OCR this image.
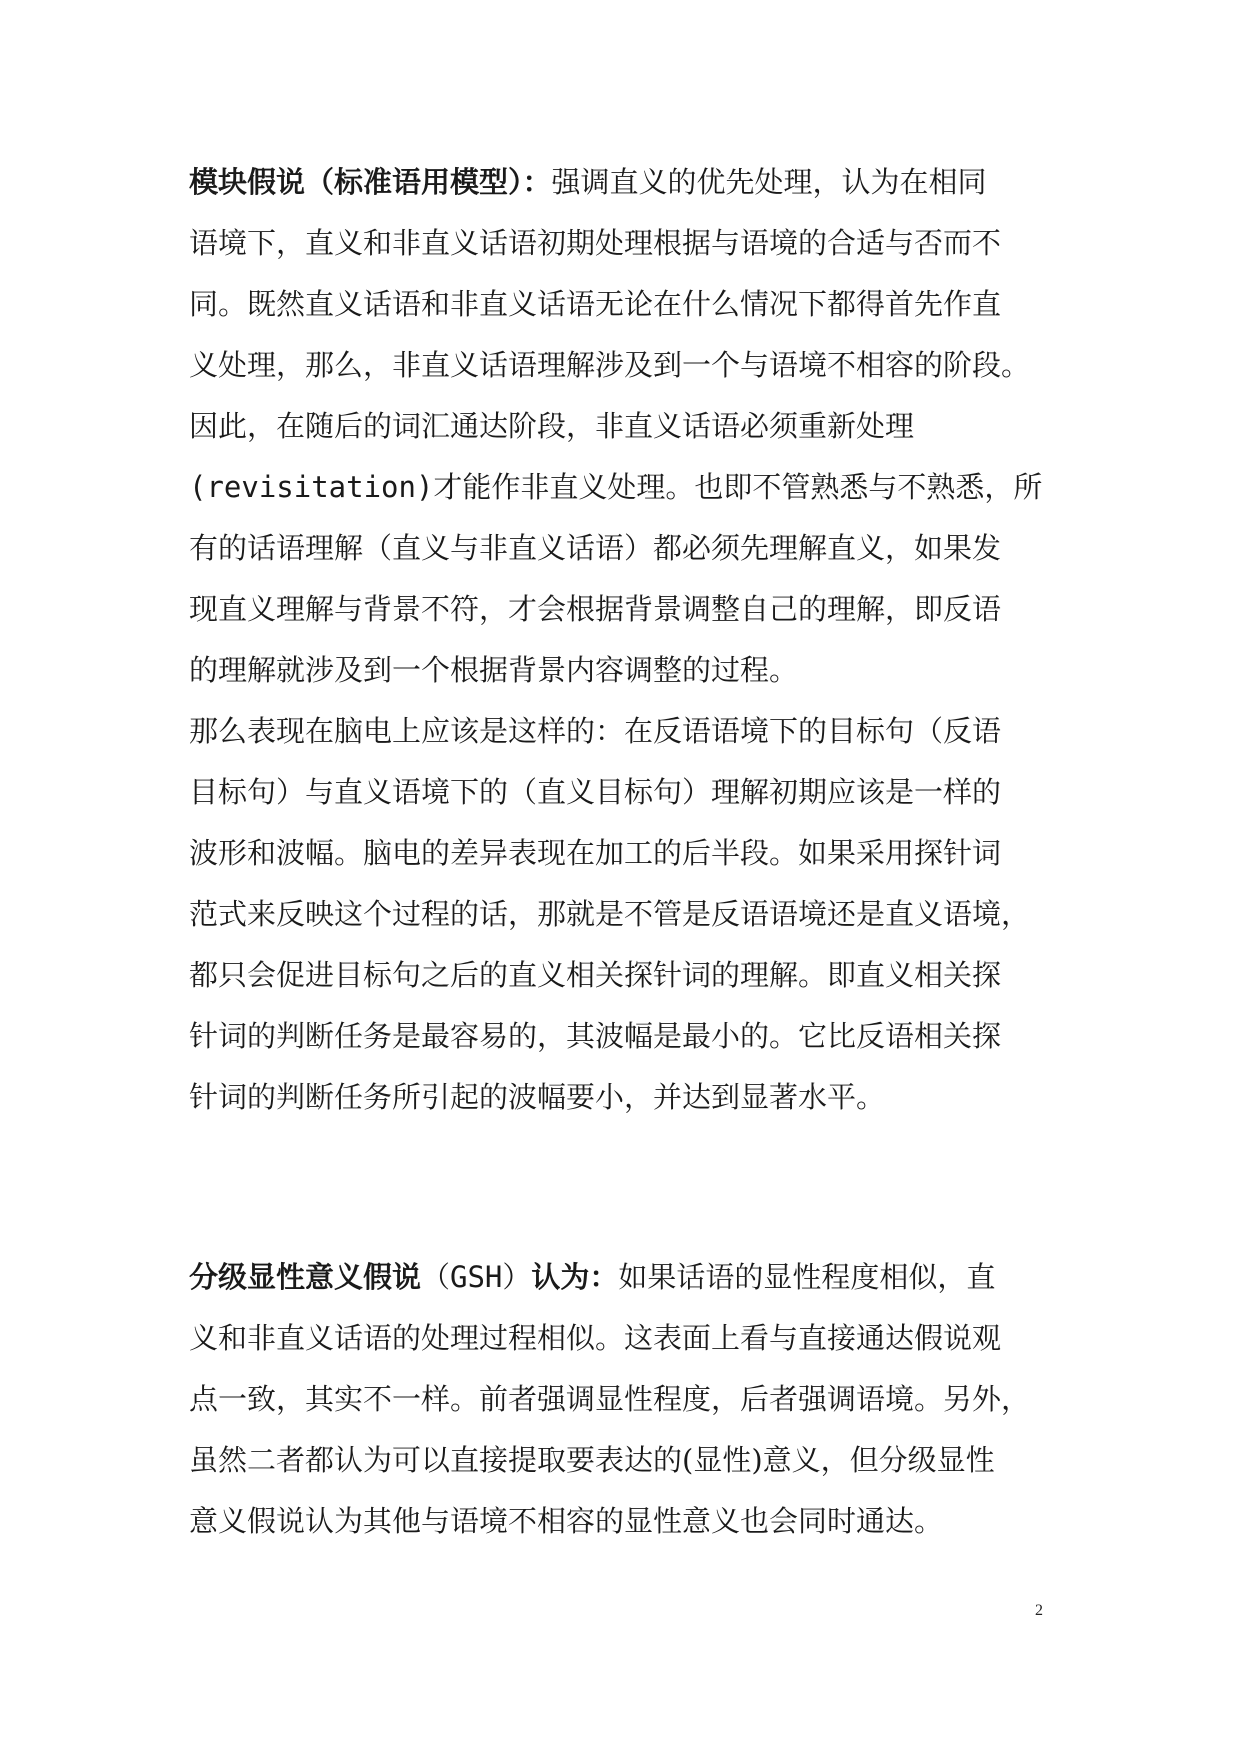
模块假说（标准语用模型）：强调直义的优先处理，认为在相同
语境下，直义和非直义话语初期处理根据与语境的合适与否而不
同。既然直义话语和非直义话语无论在什么情况下都得首先作直
义处理，那么，非直义话语理解涉及到一个与语境不相容的阶段。
因此，在随后的词汇通达阶段，非直义话语必须重新处理
(revisitation)才能作非直义处理。也即不管熟悉与不熟悉，所
有的话语理解（直义与非直义话语）都必须先理解直义，如果发
现直义理解与背景不符，才会根据背景调整自己的理解，即反语
的理解就涉及到一个根据背景内容调整的过程。
那么表现在脑电上应该是这样的：在反语语境下的目标句（反语
目标句）与直义语境下的（直义目标句）理解初期应该是一样的
波形和波幅。脑电的差异表现在加工的后半段。如果采用探针词
范式来反映这个过程的话，那就是不管是反语语境还是直义语境，
都只会促进目标句之后的直义相关探针词的理解。即直义相关探
针词的判断任务是最容易的，其波幅是最小的。它比反语相关探
针词的判断任务所引起的波幅要小，并达到显著水平。
分级显性意义假说（GSH）认为：如果话语的显性程度相似，直
义和非直义话语的处理过程相似。这表面上看与直接通达假说观
点一致，其实不一样。前者强调显性程度，后者强调语境。另外，
虽然二者都认为可以直接提取要表达的(显性)意义，但分级显性
意义假说认为其他与语境不相容的显性意义也会同时通达。
2
